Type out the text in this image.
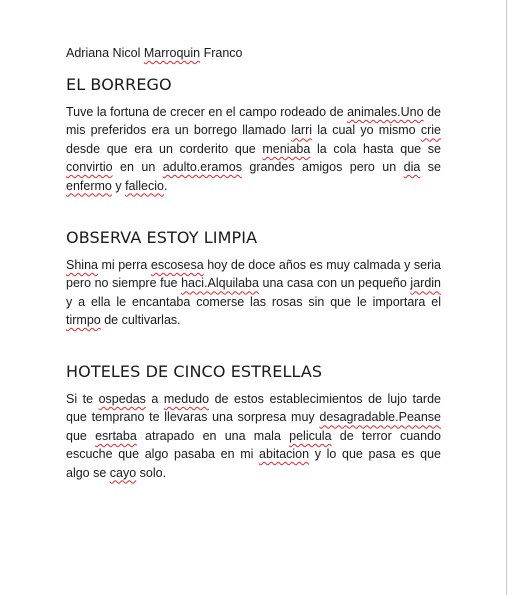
Adriana Nicol Marroquin Franco
EL BORREGO
Tuve la fortuna de crecer en el campo rodeado de animales.Uno de mis preferidos era un borrego llamado larri la cual yo mismo crie desde que era un corderito que meniaba la cola hasta que se convirtio en un adulto.eramos grandes amigos pero un dia se enfermo y fallecio.
OBSERVA ESTOY LIMPIA
Shina mi perra escosesa hoy de doce años es muy calmada y seria pero no siempre fue haci.Alquilaba una casa con un pequeño jardin y a ella le encantaba comerse las rosas sin que le importara el tirmpo de cultivarlas.
HOTELES DE CINCO ESTRELLAS
Si te ospedas a medudo de estos establecimientos de lujo tarde que temprano te llevaras una sorpresa muy desagradable.Peanse que esrtaba atrapado en una mala pelicula de terror cuando escuche que algo pasaba en mi abitacion y lo que pasa es que algo se cayo solo.
